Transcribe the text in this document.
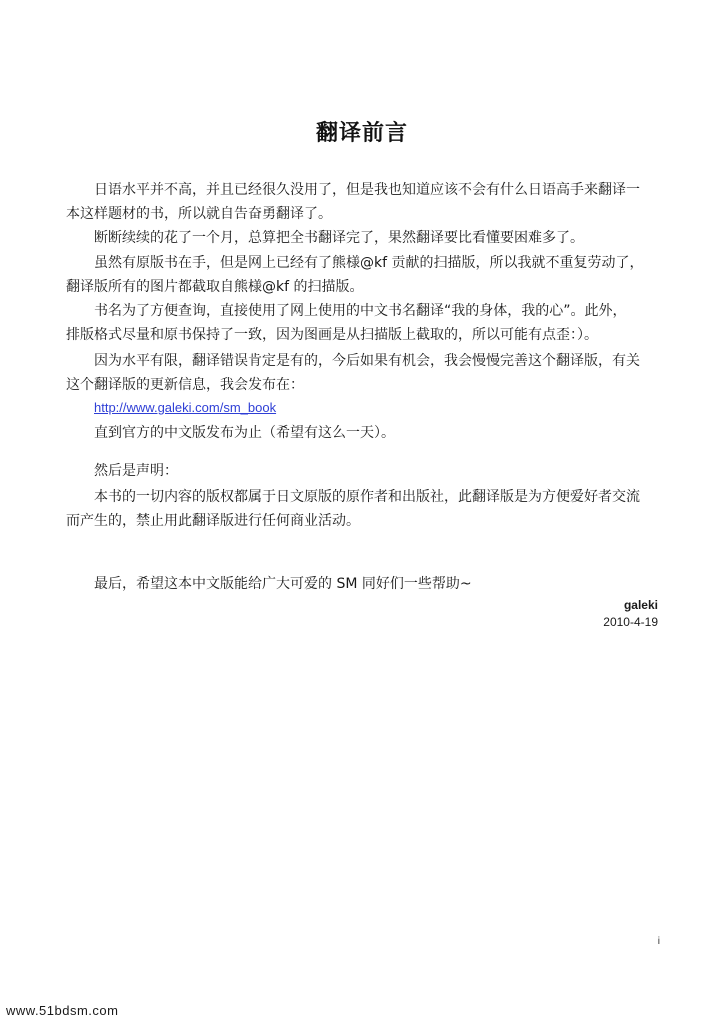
翻译前言
　　日语水平并不高，并且已经很久没用了，但是我也知道应该不会有什么日语高手来翻译一
本这样题材的书，所以就自告奋勇翻译了。
　　断断续续的花了一个月，总算把全书翻译完了，果然翻译要比看懂要困难多了。
　　虽然有原版书在手，但是网上已经有了熊様@kf 贡献的扫描版，所以我就不重复劳动了，
翻译版所有的图片都截取自熊様@kf 的扫描版。
　　书名为了方便查询，直接使用了网上使用的中文书名翻译“我的身体，我的心”。此外，
排版格式尽量和原书保持了一致，因为图画是从扫描版上截取的，所以可能有点歪：）。
　　因为水平有限，翻译错误肯定是有的，今后如果有机会，我会慢慢完善这个翻译版，有关
这个翻译版的更新信息，我会发布在：
http://www.galeki.com/sm_book
　　直到官方的中文版发布为止（希望有这么一天）。
　　然后是声明：
　　本书的一切内容的版权都属于日文原版的原作者和出版社，此翻译版是为方便爱好者交流
而产生的，禁止用此翻译版进行任何商业活动。
　　最后，希望这本中文版能给广大可爱的 SM 同好们一些帮助~
galeki
2010-4-19
i
www.51bdsm.com
